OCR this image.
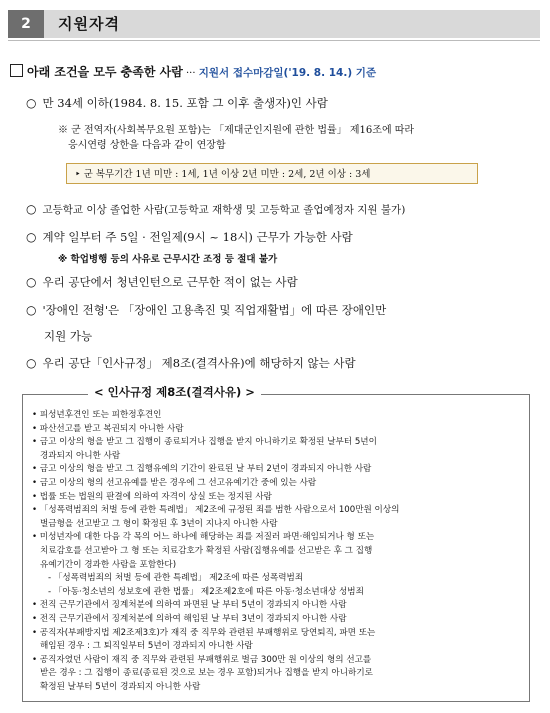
2	지원자격
아래 조건을 모두 충족한 사람 ··· 지원서 접수마감일('19. 8. 14.) 기준
○ 만 34세 이하(1984. 8. 15. 포함 그 이후 출생자)인 사람
※ 군 전역자(사회복무요원 포함)는 「제대군인지원에 관한 법률」 제16조에 따라
응시연령 상한을 다음과 같이 연장함
‣ 군 복무기간 1년 미만 : 1세, 1년 이상 2년 미만 : 2세, 2년 이상 : 3세
○ 고등학교 이상 졸업한 사람(고등학교 재학생 및 고등학교 졸업예정자 지원 불가)
○ 계약 일부터 주 5일 · 전일제(9시 ~ 18시) 근무가 가능한 사람
※ 학업병행 등의 사유로 근무시간 조정 등 절대 불가
○ 우리 공단에서 청년인턴으로 근무한 적이 없는 사람
○ '장애인 전형'은 「장애인 고용촉진 및 직업재활법」에 따른 장애인만
지원 가능
○ 우리 공단「인사규정」 제8조(결격사유)에 해당하지 않는 사람
< 인사규정 제8조(결격사유) >
• 피성년후견인 또는 피한정후견인
• 파산선고를 받고 복권되지 아니한 사람
• 금고 이상의 형을 받고 그 집행이 종료되거나 집행을 받지 아니하기로 확정된 날부터 5년이
경과되지 아니한 사람
• 금고 이상의 형을 받고 그 집행유예의 기간이 완료된 날 부터 2년이 경과되지 아니한 사람
• 금고 이상의 형의 선고유예를 받은 경우에 그 선고유예기간 중에 있는 사람
• 법률 또는 법원의 판결에 의하여 자격이 상실 또는 정지된 사람
• 「성폭력범죄의 처벌 등에 관한 특례법」 제2조에 규정된 죄를 범한 사람으로서 100만원 이상의
벌금형을 선고받고 그 형이 확정된 후 3년이 지나지 아니한 사람
• 미성년자에 대한 다음 각 목의 어느 하나에 해당하는 죄를 저질러 파면·해임되거나 형 또는
치료감호를 선고받아 그 형 또는 치료감호가 확정된 사람(집행유예를 선고받은 후 그 집행
유예기간이 경과한 사람을 포함한다)
- 「성폭력범죄의 처벌 등에 관한 특례법」 제2조에 따른 성폭력범죄
- 「아동·청소년의 성보호에 관한 법률」 제2조제2호에 따른 아동·청소년대상 성범죄
• 전직 근무기관에서 징계처분에 의하여 파면된 날 부터 5년이 경과되지 아니한 사람
• 전직 근무기관에서 징계처분에 의하여 해임된 날 부터 3년이 경과되지 아니한 사람
• 공직자(부패방지법 제2조제3호)가 재직 중 직무와 관련된 부패행위로 당연퇴직, 파면 또는
해임된 경우 : 그 퇴직일부터 5년이 경과되지 아니한 사람
• 공직자였던 사람이 재직 중 직무와 관련된 부패행위로 벌금 300만 원 이상의 형의 선고를
받은 경우 : 그 집행이 종료(종료된 것으로 보는 경우 포함)되거나 집행을 받지 아니하기로
확정된 날부터 5년이 경과되지 아니한 사람
